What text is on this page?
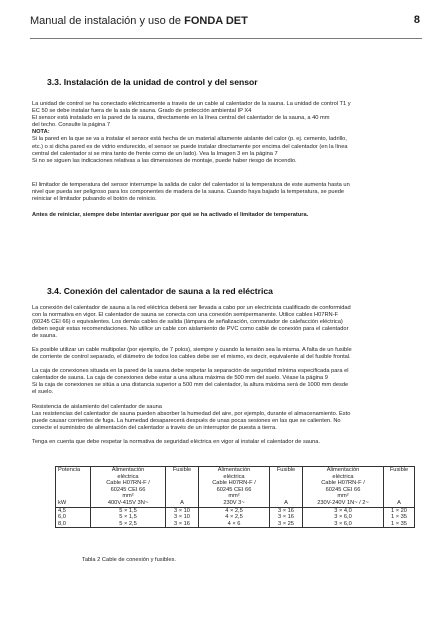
Manual de instalación y uso de FONDA DET	8
3.3. Instalación de la unidad de control y del sensor
La unidad de control se ha conectado eléctricamente a través de un cable al calentador de la sauna. La unidad de control T1 y
EC 50 se debe instalar fuera de la sala de sauna. Grado de protección ambiental IP X4
El sensor está instalado en la pared de la sauna, directamente en la línea central del calentador de la sauna, a 40 mm
del techo. Consulte la página 7
NOTA:
Si la pared en la que se va a instalar el sensor está hecha de un material altamente aislante del calor (p. ej. cemento, ladrillo,
etc.) o si dicha pared es de vidrio endurecido, el sensor se puede instalar directamente por encima del calentador (en la línea
central del calentador si se mira tanto de frente como de un lado). Vea la Imagen 3 en la página 7
Si no se siguen las indicaciones relativas a las dimensiones de montaje, puede haber riesgo de incendio.
El limitador de temperatura del sensor interrumpe la salida de calor del calentador si la temperatura de este aumenta hasta un
nivel que pueda ser peligroso para los componentes de madera de la sauna. Cuando haya bajado la temperatura, se puede
reiniciar el limitador pulsando el botón de reinicio.
Antes de reiniciar, siempre debe intentar averiguar por qué se ha activado el limitador de temperatura.
3.4. Conexión del calentador de sauna a la red eléctrica
La conexión del calentador de sauna a la red eléctrica deberá ser llevada a cabo por un electricista cualificado de conformidad
con la normativa en vigor. El calentador de sauna se conecta con una conexión semipermanente. Utilice cables H07RN-F
(60245 CEI 66) o equivalentes. Los demás cables de salida (lámpara de señalización, conmutador de calefacción eléctrica)
deben seguir estas recomendaciones. No utilice un cable con aislamiento de PVC como cable de conexión para el calentador
de sauna.
Es posible utilizar un cable multipolar (por ejemplo, de 7 polos), siempre y cuando la tensión sea la misma. A falta de un fusible
de corriente de control separado, el diámetro de todos los cables debe ser el mismo, es decir, equivalente al del fusible frontal.
La caja de conexiones situada en la pared de la sauna debe respetar la separación de seguridad mínima especificada para el
calentador de sauna. La caja de conexiones debe estar a una altura máxima de 500 mm del suelo. Véase la página 9
Si la caja de conexiones se sitúa a una distancia superior a 500 mm del calentador, la altura máxima será de 1000 mm desde
el suelo.
Resistencia de aislamiento del calentador de sauna
Las resistencias del calentador de sauna pueden absorber la humedad del aire, por ejemplo, durante el almacenamiento. Esto
puede causar corrientes de fuga. La humedad desaparecerá después de unas pocas sesiones en las que se calienten. No
conecte el suministro de alimentación del calentador a través de un interruptor de puesta a tierra.
Tenga en cuenta que debe respetar la normativa de seguridad eléctrica en vigor al instalar el calentador de sauna.
Potencia	Alimentación	Fusible	Alimentación	Fusible	Alimentación	Fusible
	eléctrica		eléctrica		eléctrica	
	Cable H07RN-F /		Cable H07RN-F /		Cable H07RN-F /	
	60245 CEI 66		60245 CEI 66		60245 CEI 66	
	mm²		mm²		mm²	
kW	400V-415V 3N~	A	230V 3~	A	230V-240V 1N~ / 2~	A
4,5	5 × 1,5	3 × 10	4 × 2,5	3 × 16	3 × 4,0	1 × 20
6,0	5 × 1,5	3 × 10	4 × 2,5	3 × 16	3 × 6,0	1 × 35
8,0	5 × 2,5	3 × 16	4 × 6	3 × 25	3 × 6,0	1 × 35
Tabla 2 Cable de conexión y fusibles.
